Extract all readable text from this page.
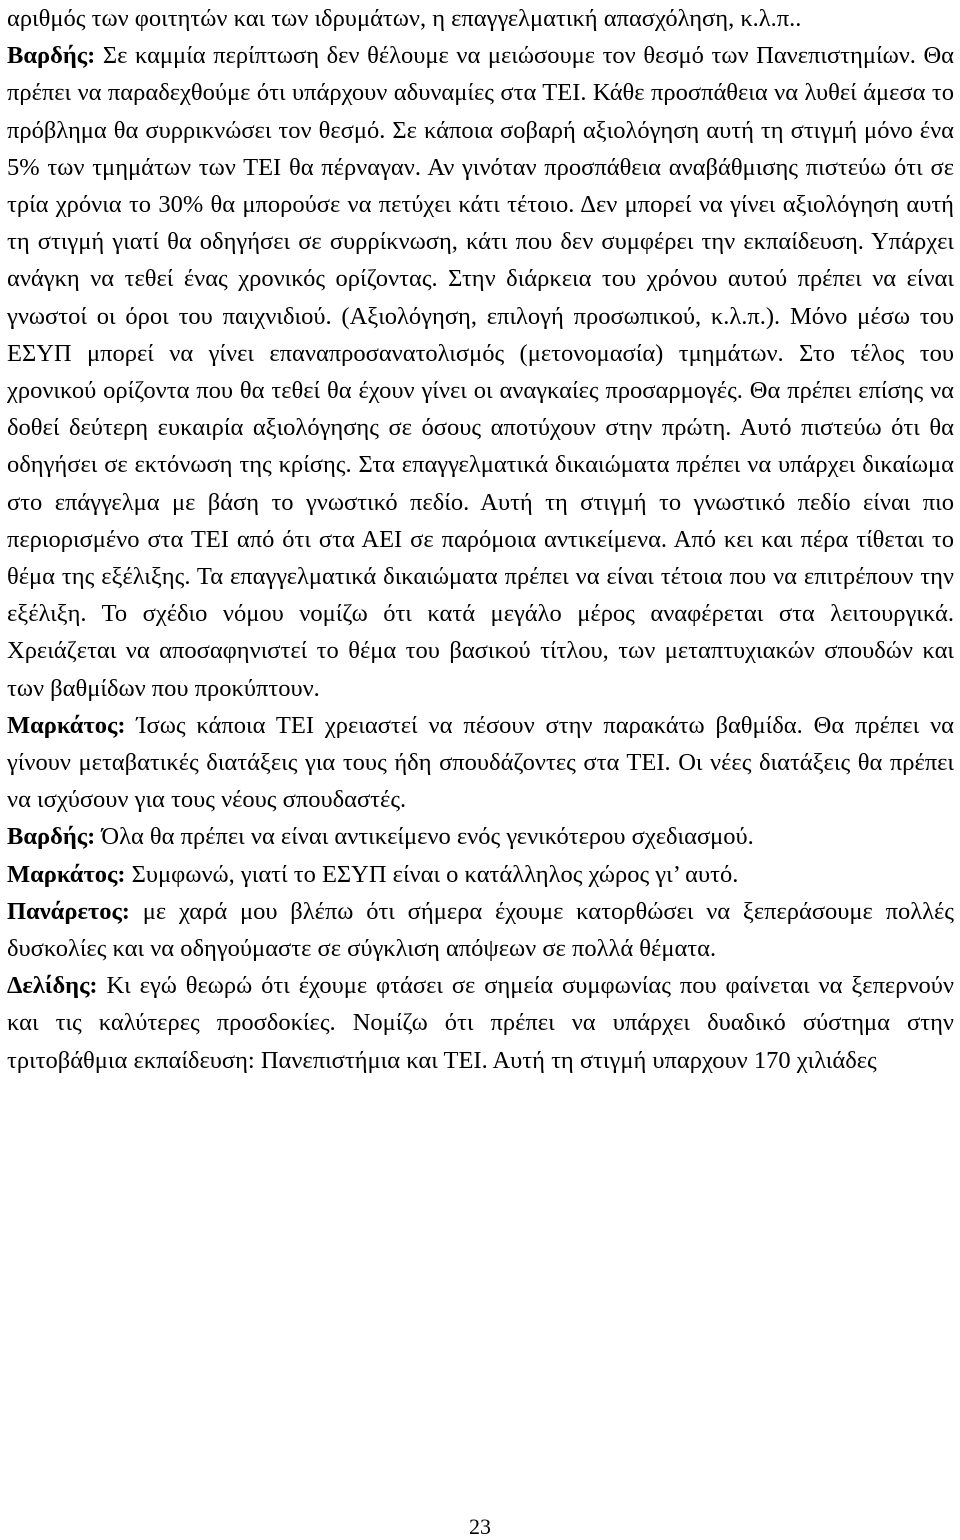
αριθμός των φοιτητών και των ιδρυμάτων, η επαγγελματική απασχόληση, κ.λ.π..

Βαρδής: Σε καμμία περίπτωση δεν θέλουμε να μειώσουμε τον θεσμό των Πανεπιστημίων. Θα πρέπει να παραδεχθούμε ότι υπάρχουν αδυναμίες στα ΤΕΙ. Κάθε προσπάθεια να λυθεί άμεσα το πρόβλημα θα συρρικνώσει τον θεσμό. Σε κάποια σοβαρή αξιολόγηση αυτή τη στιγμή μόνο ένα 5% των τμημάτων των ΤΕΙ θα πέρναγαν. Αν γινόταν προσπάθεια αναβάθμισης πιστεύω ότι σε τρία χρόνια το 30% θα μπορούσε να πετύχει κάτι τέτοιο. Δεν μπορεί να γίνει αξιολόγηση αυτή τη στιγμή γιατί θα οδηγήσει σε συρρίκνωση, κάτι που δεν συμφέρει την εκπαίδευση. Υπάρχει ανάγκη να τεθεί ένας χρονικός ορίζοντας. Στην διάρκεια του χρόνου αυτού πρέπει να είναι γνωστοί οι όροι του παιχνιδιού. (Αξιολόγηση, επιλογή προσωπικού, κ.λ.π.). Μόνο μέσω του ΕΣΥΠ μπορεί να γίνει επαναπροσανατολισμός (μετονομασία) τμημάτων. Στο τέλος του χρονικού ορίζοντα που θα τεθεί θα έχουν γίνει οι αναγκαίες προσαρμογές. Θα πρέπει επίσης να δοθεί δεύτερη ευκαιρία αξιολόγησης σε όσους αποτύχουν στην πρώτη. Αυτό πιστεύω ότι θα οδηγήσει σε εκτόνωση της κρίσης. Στα επαγγελματικά δικαιώματα πρέπει να υπάρχει δικαίωμα στο επάγγελμα με βάση το γνωστικό πεδίο. Αυτή τη στιγμή το γνωστικό πεδίο είναι πιο περιορισμένο στα ΤΕΙ από ότι στα ΑΕΙ σε παρόμοια αντικείμενα. Από κει και πέρα τίθεται το θέμα της εξέλιξης. Τα επαγγελματικά δικαιώματα πρέπει να είναι τέτοια που να επιτρέπουν την εξέλιξη. Το σχέδιο νόμου νομίζω ότι κατά μεγάλο μέρος αναφέρεται στα λειτουργικά. Χρειάζεται να αποσαφηνιστεί το θέμα του βασικού τίτλου, των μεταπτυχιακών σπουδών και των βαθμίδων που προκύπτουν.

Μαρκάτος: Ίσως κάποια ΤΕΙ χρειαστεί να πέσουν στην παρακάτω βαθμίδα. Θα πρέπει να γίνουν μεταβατικές διατάξεις για τους ήδη σπουδάζοντες στα ΤΕΙ. Οι νέες διατάξεις θα πρέπει να ισχύσουν για τους νέους σπουδαστές.

Βαρδής: Όλα θα πρέπει να είναι αντικείμενο ενός γενικότερου σχεδιασμού.

Μαρκάτος: Συμφωνώ, γιατί το ΕΣΥΠ είναι ο κατάλληλος χώρος γι’ αυτό.

Πανάρετος: με χαρά μου βλέπω ότι σήμερα έχουμε κατορθώσει να ξεπεράσουμε πολλές δυσκολίες και να οδηγούμαστε σε σύγκλιση απόψεων σε πολλά θέματα.

Δελίδης: Κι εγώ θεωρώ ότι έχουμε φτάσει σε σημεία συμφωνίας που φαίνεται να ξεπερνούν και τις καλύτερες προσδοκίες. Νομίζω ότι πρέπει να υπάρχει δυαδικό σύστημα στην τριτοβάθμια εκπαίδευση: Πανεπιστήμια και ΤΕΙ. Αυτή τη στιγμή υπαρχουν 170 χιλιάδες

23
